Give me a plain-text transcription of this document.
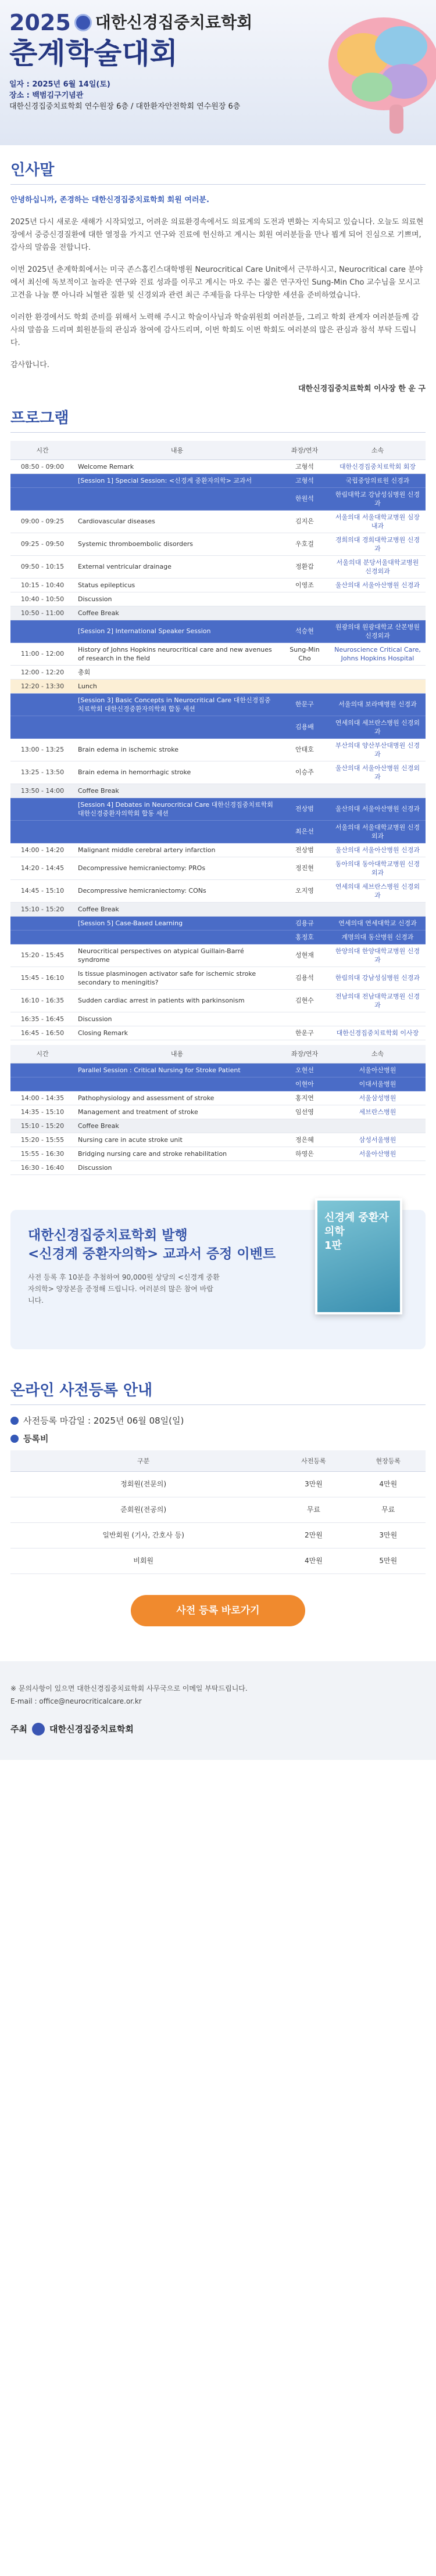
2025 대한신경집중치료학회
춘계학술대회
일자 : 2025년 6월 14일(토)
장소 : 백범김구기념관
대한신경집중치료학회 연수원장 6층 / 대한환자안전학회 연수원장 6층
인사말

안녕하십니까, 존경하는 대한신경집중치료학회 회원 여러분.

2025년 다시 새로운 새해가 시작되었고, 어려운 의료환경속에서도 의료계의 도전과 변화는 지속되고 있습니다. 오늘도 의료현장에서 중증신경질환에 대한 열정을 가지고 연구와 진료에 헌신하고 계시는 회원 여러분들을 만나 뵙게 되어 진심으로 기쁘며, 감사의 말씀을 전합니다.

이번 2025년 춘계학회에서는 미국 존스홉킨스대학병원 Neurocritical Care Unit에서 근무하시고, Neurocritical care 분야에서 최신에 독보적이고 놀라운 연구와 진료 성과를 이루고 계시는 마오 주는 젊은 연구자인 Sung-Min Cho 교수님을 모시고 고견을 나눌 뿐 아니라 뇌혈관 질환 및 신경외과 관련 최근 주제들을 다루는 다양한 세션을 준비하였습니다.

이러한 환경에서도 학회 준비를 위해서 노력해 주시고 학술이사님과 학술위원회 여러분들, 그리고 학회 관계자 여러분들께 감사의 말씀을 드리며 회원분들의 관심과 참여에 감사드리며, 이번 학회도 이번 학회도 여러분의 많은 관심과 참석 부탁 드립니다.

감사합니다.

대한신경집중치료학회 이사장 한 운 구
프로그램
시간	내용	좌장/연자	소속
08:50 - 09:00	Welcome Remark	고형석	대한신경집중치료학회 회장
	[Session 1] Special Session: <신경계 중환자의학> 교과서	고형석	국립중앙의료원 신경과
		한원석	한림대학교 강남성심병원 신경과
09:00 - 09:25	Cardiovascular diseases	김지은	서울의대 서울대학교병원 심장내과
09:25 - 09:50	Systemic thromboembolic disorders	우호걸	경희의대 경희대학교병원 신경과
09:50 - 10:15	External ventricular drainage	정환갑	서울의대 분당서울대학교병원 신경외과
10:15 - 10:40	Status epilepticus	이영조	울산의대 서울아산병원 신경과
10:40 - 10:50	Discussion		
10:50 - 11:00	Coffee Break		
	[Session 2] International Speaker Session	석승현	원광의대 원광대학교 산본병원 신경외과
11:00 - 12:00	History of Johns Hopkins neurocritical care and new avenues of research in the field	Sung-Min Cho	Neuroscience Critical Care, Johns Hopkins Hospital
12:00 - 12:20	총회		
12:20 - 13:30	Lunch		
	[Session 3] Basic Concepts in Neurocritical Care 대한신경집중치료학회 대한신경중환자의학회 합동 세션	한문구	서울의대 보라매병원 신경과
		김용배	연세의대 세브란스병원 신경외과
13:00 - 13:25	Brain edema in ischemic stroke	안태호	부산의대 양산부산대병원 신경과
13:25 - 13:50	Brain edema in hemorrhagic stroke	이승주	울산의대 서울아산병원 신경외과
13:50 - 14:00	Coffee Break		
	[Session 4] Debates in Neurocritical Care 대한신경집중치료학회 대한신경중환자의학회 합동 세션	전상범	울산의대 서울아산병원 신경과
		최은선	서울의대 서울대학교병원 신경외과
14:00 - 14:20	Malignant middle cerebral artery infarction	전상범	울산의대 서울아산병원 신경과
14:20 - 14:45	Decompressive hemicraniectomy: PROs	정진현	동아의대 동아대학교병원 신경외과
14:45 - 15:10	Decompressive hemicraniectomy: CONs	오지영	연세의대 세브란스병원 신경외과
15:10 - 15:20	Coffee Break		
	[Session 5] Case-Based Learning	김용규	연세의대 연세대학교 신경과
		홍정호	계명의대 동산병원 신경과
15:20 - 15:45	Neurocritical perspectives on atypical Guillain-Barré syndrome	성현재	한양의대 한양대학교병원 신경과
15:45 - 16:10	Is tissue plasminogen activator safe for ischemic stroke secondary to meningitis?	김용석	한림의대 강남성심병원 신경과
16:10 - 16:35	Sudden cardiac arrest in patients with parkinsonism	김현수	전남의대 전남대학교병원 신경과
16:35 - 16:45	Discussion		
16:45 - 16:50	Closing Remark	한운구	대한신경집중치료학회 이사장
시간	내용	좌장/연자	소속
	Parallel Session : Critical Nursing for Stroke Patient	오현선	서울아산병원
		이현아	이대서울병원
14:00 - 14:35	Pathophysiology and assessment of stroke	홍지연	서울삼성병원
14:35 - 15:10	Management and treatment of stroke	임선영	세브란스병원
15:10 - 15:20	Coffee Break		
15:20 - 15:55	Nursing care in acute stroke unit	정은혜	삼성서울병원
15:55 - 16:30	Bridging nursing care and stroke rehabilitation	하영은	서울아산병원
16:30 - 16:40	Discussion		
대한신경집중치료학회 발행
<신경계 중환자의학> 교과서 증정 이벤트

사전 등록 후 10분을 추첨하여 90,000원 상당의 <신경계 중환자의학> 양장본을 증정해 드립니다. 여러분의 많은 참여 바랍니다.

신경계 중환자의학
1판
온라인 사전등록 안내
사전등록 마감일 : 2025년 06월 08일(일)
등록비
구분	사전등록	현장등록
정회원(전문의)	3만원	4만원
준회원(전공의)	무료	무료
일반회원 (기사, 간호사 등)	2만원	3만원
비회원	4만원	5만원
사전 등록 바로가기
※ 문의사항이 있으면 대한신경집중치료학회 사무국으로 이메일 부탁드립니다.
E-mail : office@neurocriticalcare.or.kr
주최	대한신경집중치료학회
